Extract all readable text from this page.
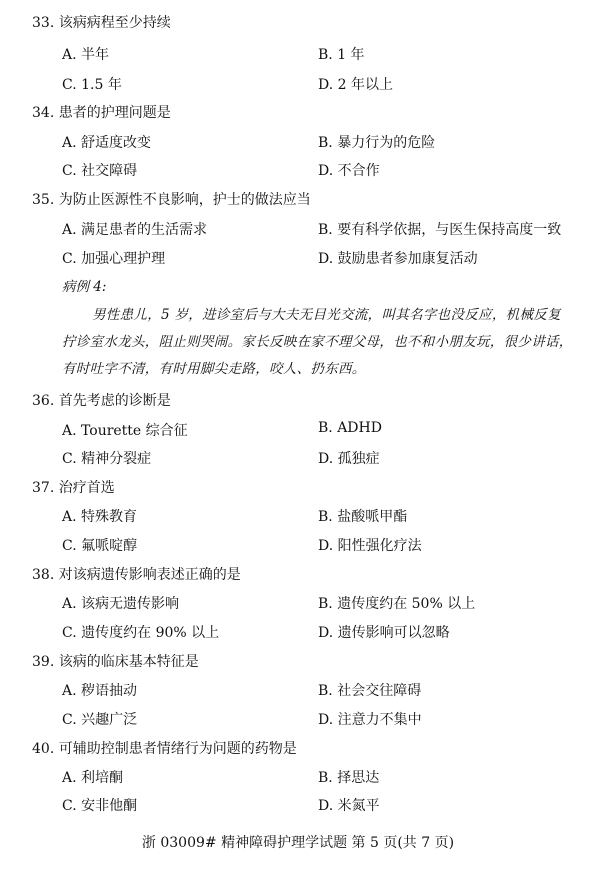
33. 该病病程至少持续
A. 半年	B. 1 年
C. 1.5 年	D. 2 年以上
34. 患者的护理问题是
A. 舒适度改变	B. 暴力行为的危险
C. 社交障碍	D. 不合作
35. 为防止医源性不良影响，护士的做法应当
A. 满足患者的生活需求	B. 要有科学依据，与医生保持高度一致
C. 加强心理护理	D. 鼓励患者参加康复活动
病例 4:
男性患儿，5 岁，进诊室后与大夫无目光交流，叫其名字也没反应，机械反复
拧诊室水龙头，阻止则哭闹。家长反映在家不理父母，也不和小朋友玩，很少讲话，
有时吐字不清，有时用脚尖走路，咬人、扔东西。
36. 首先考虑的诊断是
A. Tourette 综合征	B. ADHD
C. 精神分裂症	D. 孤独症
37. 治疗首选
A. 特殊教育	B. 盐酸哌甲酯
C. 氟哌啶醇	D. 阳性强化疗法
38. 对该病遗传影响表述正确的是
A. 该病无遗传影响	B. 遗传度约在 50% 以上
C. 遗传度约在 90% 以上	D. 遗传影响可以忽略
39. 该病的临床基本特征是
A. 秽语抽动	B. 社会交往障碍
C. 兴趣广泛	D. 注意力不集中
40. 可辅助控制患者情绪行为问题的药物是
A. 利培酮	B. 择思达
C. 安非他酮	D. 米氮平
浙 03009# 精神障碍护理学试题 第 5 页(共 7 页)
